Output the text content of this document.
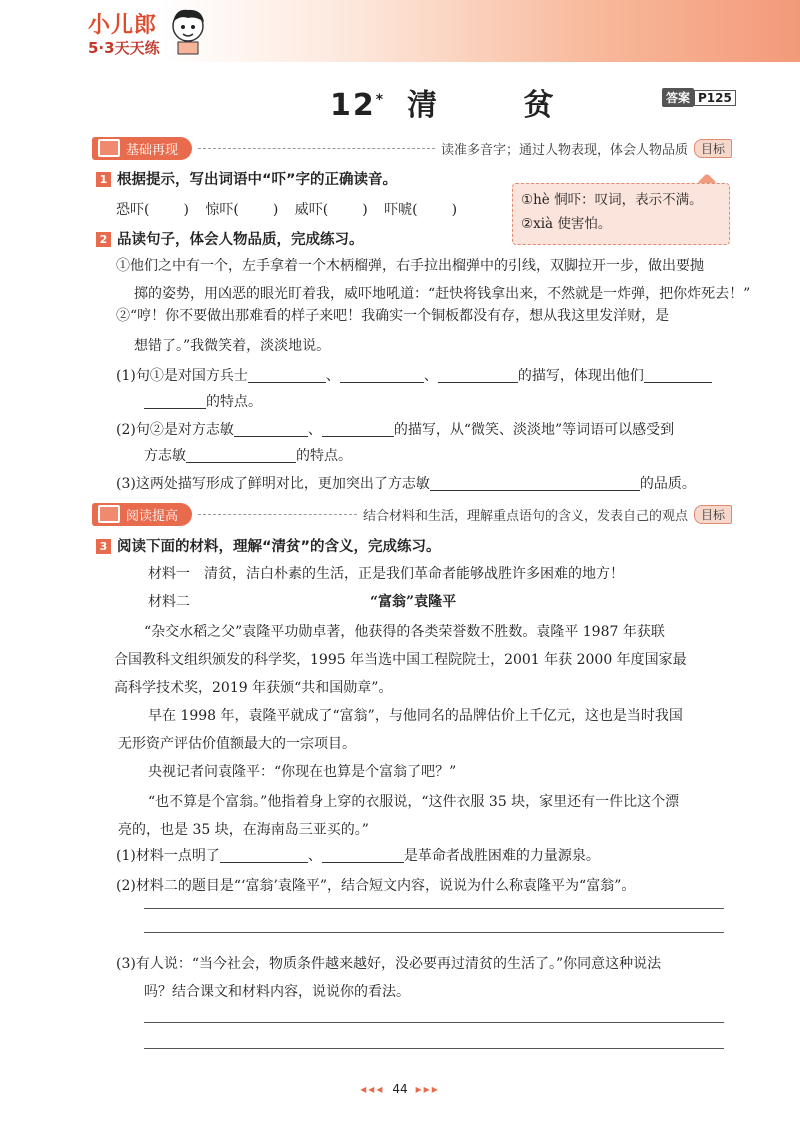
小儿郎
5·3天天练
12* 清 贫	答案 P125
基础再现	读准多音字；通过人物表现，体会人物品质	目标
1 根据提示，写出词语中“吓”字的正确读音。
恐吓( ) 惊吓( ) 威吓( ) 吓唬( )
①hè 恫吓：叹词，表示不满。
②xià 使害怕。
2 品读句子，体会人物品质，完成练习。
①他们之中有一个，左手拿着一个木柄榴弹，右手拉出榴弹中的引线，双脚拉开一步，做出要抛
掷的姿势，用凶恶的眼光盯着我，威吓地吼道：“赶快将钱拿出来，不然就是一炸弹，把你炸死去！”
②“哼！你不要做出那难看的样子来吧！我确实一个铜板都没有存，想从我这里发洋财，是
想错了。”我微笑着，淡淡地说。
(1)句①是对国方兵士	、	、	的描写，体现出他们
的特点。
(2)句②是对方志敏	、	的描写，从“微笑、淡淡地”等词语可以感受到
方志敏	的特点。
(3)这两处描写形成了鲜明对比，更加突出了方志敏	的品质。
阅读提高	结合材料和生活，理解重点语句的含义，发表自己的观点	目标
3 阅读下面的材料，理解“清贫”的含义，完成练习。
材料一　清贫，洁白朴素的生活，正是我们革命者能够战胜许多困难的地方！
材料二	“富翁”袁隆平
“杂交水稻之父”袁隆平功勋卓著，他获得的各类荣誉数不胜数。袁隆平 1987 年获联
合国教科文组织颁发的科学奖，1995 年当选中国工程院院士，2001 年获 2000 年度国家最
高科学技术奖，2019 年获颁“共和国勋章”。
早在 1998 年，袁隆平就成了“富翁”，与他同名的品牌估价上千亿元，这也是当时我国
无形资产评估价值额最大的一宗项目。
央视记者问袁隆平：“你现在也算是个富翁了吧？”
“也不算是个富翁。”他指着身上穿的衣服说，“这件衣服 35 块，家里还有一件比这个漂
亮的，也是 35 块，在海南岛三亚买的。”
(1)材料一点明了	、	是革命者战胜困难的力量源泉。
(2)材料二的题目是“‘富翁’袁隆平”，结合短文内容，说说为什么称袁隆平为“富翁”。
(3)有人说：“当今社会，物质条件越来越好，没必要再过清贫的生活了。”你同意这种说法
吗？结合课文和材料内容，说说你的看法。
◂◂◂ 44 ▸▸▸
